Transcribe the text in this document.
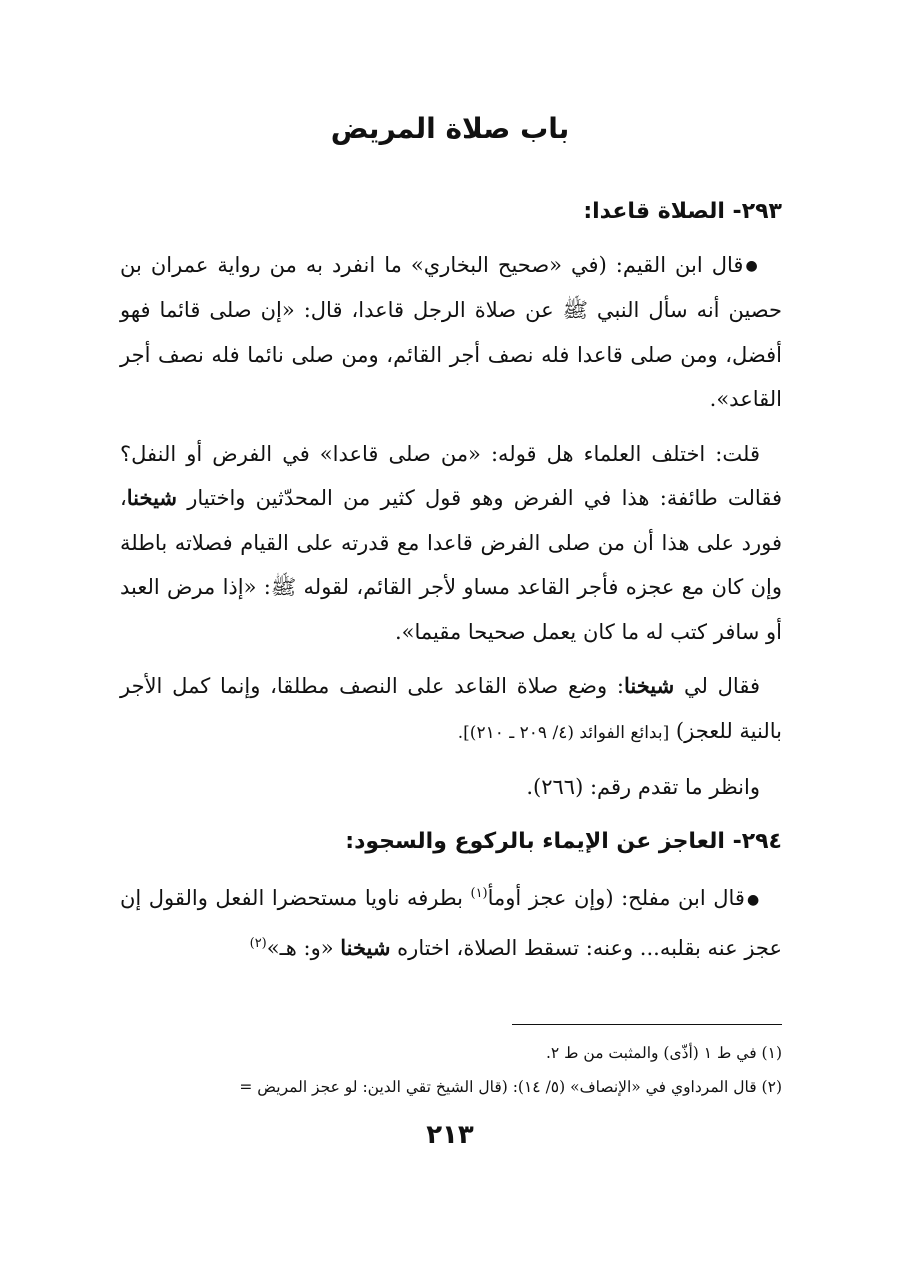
باب صلاة المريض
٢٩٣- الصلاة قاعدا:

● قال ابن القيم: (في «صحيح البخاري» ما انفرد به من رواية عمران بن حصين أنه سأل النبي ﷺ عن صلاة الرجل قاعدا، قال: «إن صلى قائما فهو أفضل، ومن صلى قاعدا فله نصف أجر القائم، ومن صلى نائما فله نصف أجر القاعد».

قلت: اختلف العلماء هل قوله: «من صلى قاعدا» في الفرض أو النفل؟ فقالت طائفة: هذا في الفرض وهو قول كثير من المحدّثين واختيار شيخنا، فورد على هذا أن من صلى الفرض قاعدا مع قدرته على القيام فصلاته باطلة وإن كان مع عجزه فأجر القاعد مساو لأجر القائم، لقوله ﷺ: «إذا مرض العبد أو سافر كتب له ما كان يعمل صحيحا مقيما».

فقال لي شيخنا: وضع صلاة القاعد على النصف مطلقا، وإنما كمل الأجر بالنية للعجز) [بدائع الفوائد (٤/ ٢٠٩ ـ ٢١٠)].

وانظر ما تقدم رقم: (٢٦٦).

٢٩٤- العاجز عن الإيماء بالركوع والسجود:

● قال ابن مفلح: (وإن عجز أومأ$^{(١)}$ بطرفه ناويا مستحضرا الفعل والقول إن عجز عنه بقلبه... وعنه: تسقط الصلاة، اختاره شيخنا «و: هـ»$^{(٢)}$

(١) في ط ١ (أذّى) والمثبت من ط ٢.

(٢) قال المرداوي في «الإنصاف» (٥/ ١٤): (قال الشيخ تقي الدين: لو عجز المريض =

٢١٣
